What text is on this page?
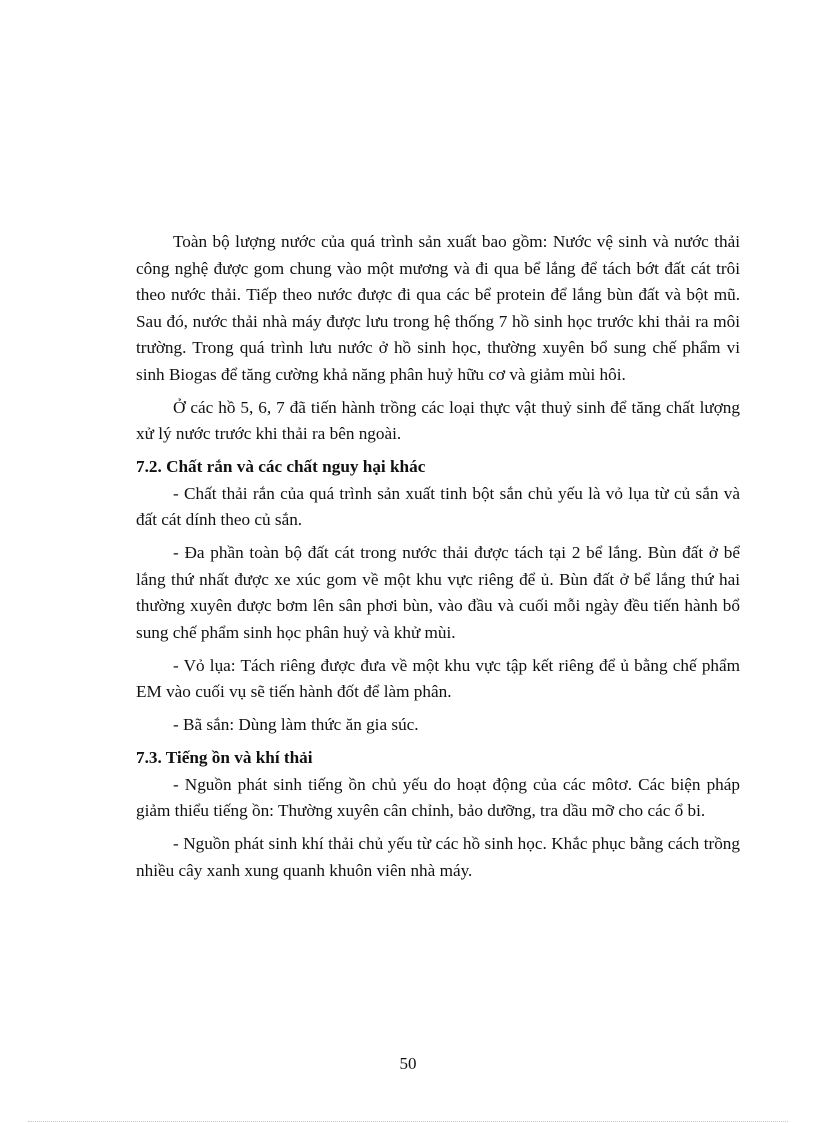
Toàn bộ lượng nước của quá trình sản xuất bao gồm: Nước vệ sinh và nước thải công nghệ được gom chung vào một mương và đi qua bể lắng để tách bớt đất cát trôi theo nước thải. Tiếp theo nước được đi qua các bể protein để lắng bùn đất và bột mũ. Sau đó, nước thải nhà máy được lưu trong hệ thống 7 hồ sinh học trước khi thải ra môi trường. Trong quá trình lưu nước ở hồ sinh học, thường xuyên bổ sung chế phẩm vi sinh Biogas để tăng cường khả năng phân huỷ hữu cơ và giảm mùi hôi.

Ở các hồ 5, 6, 7 đã tiến hành trồng các loại thực vật thuỷ sinh để tăng chất lượng xử lý nước trước khi thải ra bên ngoài.

7.2. Chất rắn và các chất nguy hại khác

- Chất thải rắn của quá trình sản xuất tinh bột sắn chủ yếu là vỏ lụa từ củ sắn và đất cát dính theo củ sắn.

- Đa phần toàn bộ đất cát trong nước thải được tách tại 2 bể lắng. Bùn đất ở bể lắng thứ nhất được xe xúc gom về một khu vực riêng để ủ. Bùn đất ở bể lắng thứ hai thường xuyên được bơm lên sân phơi bùn, vào đầu và cuối mỗi ngày đều tiến hành bổ sung chế phẩm sinh học phân huỷ và khử mùi.

- Vỏ lụa: Tách riêng được đưa về một khu vực tập kết riêng để ủ bằng chế phẩm EM vào cuối vụ sẽ tiến hành đốt để làm phân.

- Bã sắn: Dùng làm thức ăn gia súc.

7.3. Tiếng ồn và khí thải

- Nguồn phát sinh tiếng ồn chủ yếu do hoạt động của các môtơ. Các biện pháp giảm thiểu tiếng ồn: Thường xuyên cân chỉnh, bảo dưỡng, tra dầu mỡ cho các ổ bi.

- Nguồn phát sinh khí thải chủ yếu từ các hồ sinh học. Khắc phục bằng cách trồng nhiều cây xanh xung quanh khuôn viên nhà máy.

50
